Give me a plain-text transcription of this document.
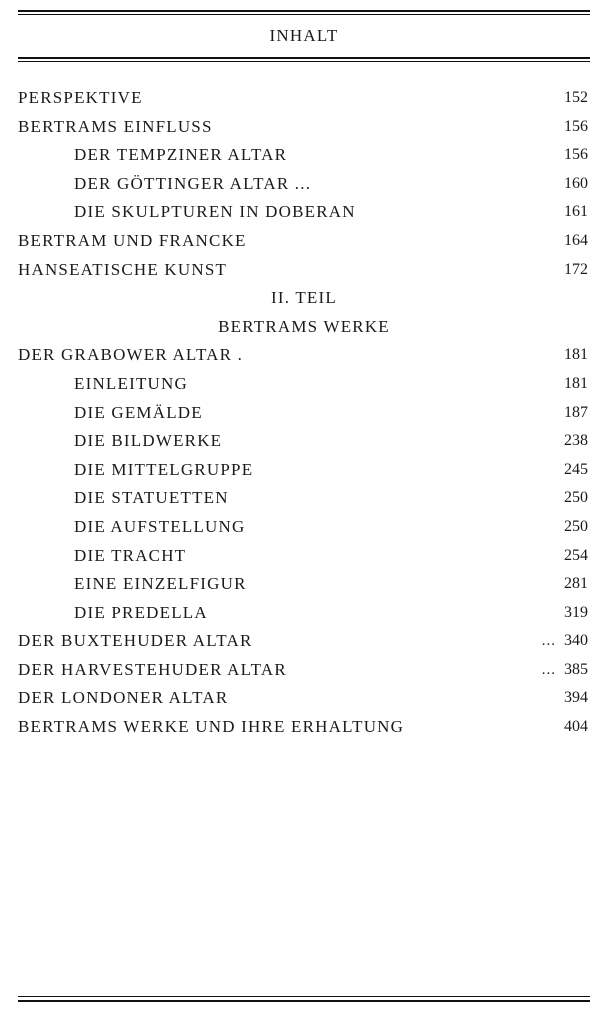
INHALT
PERSPEKTIVE	152
BERTRAMS EINFLUSS	156
DER TEMPZINER ALTAR	156
DER GÖTTINGER ALTAR ...	160
DIE SKULPTUREN IN DOBERAN	161
BERTRAM UND FRANCKE	164
HANSEATISCHE KUNST	172
II. TEIL
BERTRAMS WERKE
DER GRABOWER ALTAR .	181
EINLEITUNG	181
DIE GEMÄLDE	187
DIE BILDWERKE	238
DIE MITTELGRUPPE	245
DIE STATUETTEN	250
DIE AUFSTELLUNG	250
DIE TRACHT	254
EINE EINZELFIGUR	281
DIE PREDELLA	319
DER BUXTEHUDER ALTAR	... 340
DER HARVESTEHUDER ALTAR	... 385
DER LONDONER ALTAR	394
BERTRAMS WERKE UND IHRE ERHALTUNG	404
